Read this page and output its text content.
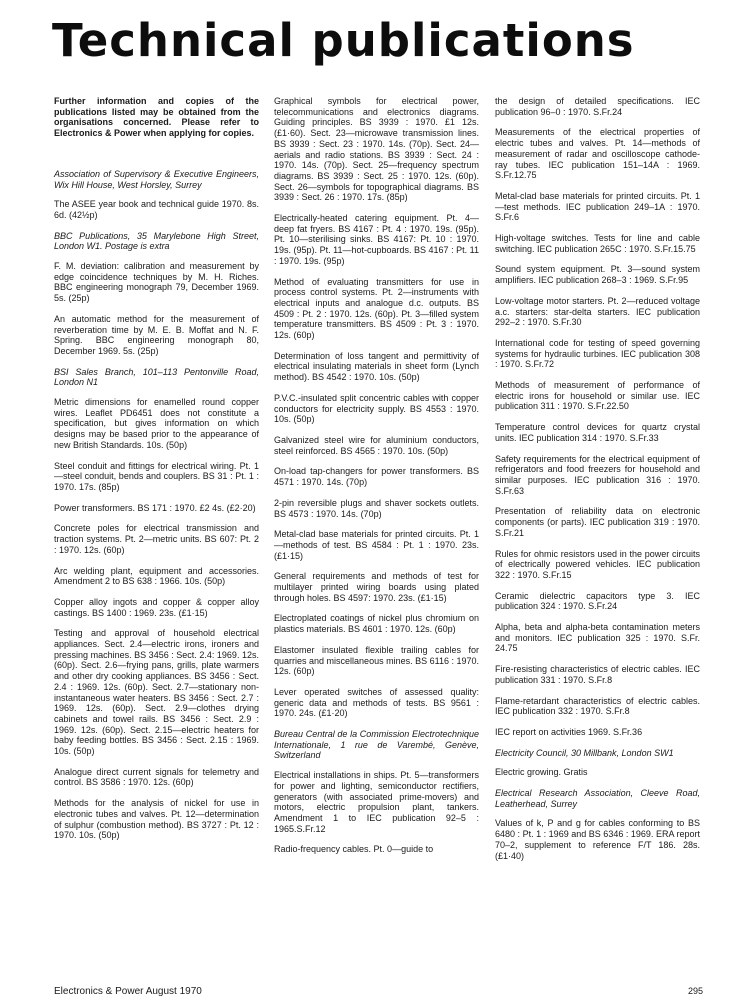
Technical publications

Further information and copies of the publications listed may be obtained from the organisations concerned. Please refer to Electronics & Power when applying for copies.

Association of Supervisory & Executive Engineers, Wix Hill House, West Horsley, Surrey

The ASEE year book and technical guide 1970. 8s. 6d. (42½p)

BBC Publications, 35 Marylebone High Street, London W1. Postage is extra

F. M. deviation: calibration and measurement by edge coincidence techniques by M. H. Riches. BBC engineering monograph 79, December 1969. 5s. (25p)

An automatic method for the measurement of reverberation time by M. E. B. Moffat and N. F. Spring. BBC engineering monograph 80, December 1969. 5s. (25p)

BSI Sales Branch, 101–113 Pentonville Road, London N1

Metric dimensions for enamelled round copper wires. Leaflet PD6451 does not constitute a specification, but gives information on which designs may be based prior to the appearance of new British Standards. 10s. (50p)

Steel conduit and fittings for electrical wiring. Pt. 1—steel conduit, bends and couplers. BS 31 : Pt. 1 : 1970. 17s. (85p)

Power transformers. BS 171 : 1970. £2 4s. (£2·20)

Concrete poles for electrical transmission and traction systems. Pt. 2—metric units. BS 607: Pt. 2 : 1970. 12s. (60p)

Arc welding plant, equipment and accessories. Amendment 2 to BS 638 : 1966. 10s. (50p)

Copper alloy ingots and copper & copper alloy castings. BS 1400 : 1969. 23s. (£1·15)

Testing and approval of household electrical appliances. Sect. 2.4—electric irons, ironers and pressing machines. BS 3456 : Sect. 2.4: 1969. 12s. (60p). Sect. 2.6—frying pans, grills, plate warmers and other dry cooking appliances. BS 3456 : Sect. 2.4 : 1969. 12s. (60p). Sect. 2.7—stationary non-instantaneous water heaters. BS 3456 : Sect. 2.7 : 1969. 12s. (60p). Sect. 2.9—clothes drying cabinets and towel rails. BS 3456 : Sect. 2.9 : 1969. 12s. (60p). Sect. 2.15—electric heaters for baby feeding bottles. BS 3456 : Sect. 2.15 : 1969. 10s. (50p)

Analogue direct current signals for telemetry and control. BS 3586 : 1970. 12s. (60p)

Methods for the analysis of nickel for use in electronic tubes and valves. Pt. 12—determination of sulphur (combustion method). BS 3727 : Pt. 12 : 1970. 10s. (50p)

Graphical symbols for electrical power, telecommunications and electronics diagrams. Guiding principles. BS 3939 : 1970. £1 12s. (£1·60). Sect. 23—microwave transmission lines. BS 3939 : Sect. 23 : 1970. 14s. (70p). Sect. 24—aerials and radio stations. BS 3939 : Sect. 24 : 1970. 14s. (70p). Sect. 25—frequency spectrum diagrams. BS 3939 : Sect. 25 : 1970. 12s. (60p). Sect. 26—symbols for topographical diagrams. BS 3939 : Sect. 26 : 1970. 17s. (85p)

Electrically-heated catering equipment. Pt. 4—deep fat fryers. BS 4167 : Pt. 4 : 1970. 19s. (95p). Pt. 10—sterilising sinks. BS 4167: Pt. 10 : 1970. 19s. (95p). Pt. 11—hot-cupboards. BS 4167 : Pt. 11 : 1970. 19s. (95p)

Method of evaluating transmitters for use in process control systems. Pt. 2—instruments with electrical inputs and analogue d.c. outputs. BS 4509 : Pt. 2 : 1970. 12s. (60p). Pt. 3—filled system temperature transmitters. BS 4509 : Pt. 3 : 1970. 12s. (60p)

Determination of loss tangent and permittivity of electrical insulating materials in sheet form (Lynch method). BS 4542 : 1970. 10s. (50p)

P.V.C.-insulated split concentric cables with copper conductors for electricity supply. BS 4553 : 1970. 10s. (50p)

Galvanized steel wire for aluminium conductors, steel reinforced. BS 4565 : 1970. 10s. (50p)

On-load tap-changers for power transformers. BS 4571 : 1970. 14s. (70p)

2-pin reversible plugs and shaver sockets outlets. BS 4573 : 1970. 14s. (70p)

Metal-clad base materials for printed circuits. Pt. 1—methods of test. BS 4584 : Pt. 1 : 1970. 23s. (£1·15)

General requirements and methods of test for multilayer printed wiring boards using plated through holes. BS 4597: 1970. 23s. (£1·15)

Electroplated coatings of nickel plus chromium on plastics materials. BS 4601 : 1970. 12s. (60p)

Elastomer insulated flexible trailing cables for quarries and miscellaneous mines. BS 6116 : 1970. 12s. (60p)

Lever operated switches of assessed quality: generic data and methods of tests. BS 9561 : 1970. 24s. (£1·20)

Bureau Central de la Commission Electrotechnique Internationale, 1 rue de Varembé, Genève, Switzerland

Electrical installations in ships. Pt. 5—transformers for power and lighting, semiconductor rectifiers, generators (with associated prime-movers) and motors, electric propulsion plant, tankers. Amendment 1 to IEC publication 92–5 : 1965.S.Fr.12

Radio-frequency cables. Pt. 0—guide to

the design of detailed specifications. IEC publication 96–0 : 1970. S.Fr.24

Measurements of the electrical properties of electric tubes and valves. Pt. 14—methods of measurement of radar and oscilloscope cathode-ray tubes. IEC publication 151–14A : 1969. S.Fr.12.75

Metal-clad base materials for printed circuits. Pt. 1—test methods. IEC publication 249–1A : 1970. S.Fr.6

High-voltage switches. Tests for line and cable switching. IEC publication 265C : 1970. S.Fr.15.75

Sound system equipment. Pt. 3—sound system amplifiers. IEC publication 268–3 : 1969. S.Fr.95

Low-voltage motor starters. Pt. 2—reduced voltage a.c. starters: star-delta starters. IEC publication 292–2 : 1970. S.Fr.30

International code for testing of speed governing systems for hydraulic turbines. IEC publication 308 : 1970. S.Fr.72

Methods of measurement of performance of electric irons for household or similar use. IEC publication 311 : 1970. S.Fr.22.50

Temperature control devices for quartz crystal units. IEC publication 314 : 1970. S.Fr.33

Safety requirements for the electrical equipment of refrigerators and food freezers for household and similar purposes. IEC publication 316 : 1970. S.Fr.63

Presentation of reliability data on electronic components (or parts). IEC publication 319 : 1970. S.Fr.21

Rules for ohmic resistors used in the power circuits of electrically powered vehicles. IEC publication 322 : 1970. S.Fr.15

Ceramic dielectric capacitors type 3. IEC publication 324 : 1970. S.Fr.24

Alpha, beta and alpha-beta contamination meters and monitors. IEC publication 325 : 1970. S.Fr. 24.75

Fire-resisting characteristics of electric cables. IEC publication 331 : 1970. S.Fr.8

Flame-retardant characteristics of electric cables. IEC publication 332 : 1970. S.Fr.8

IEC report on activities 1969. S.Fr.36

Electricity Council, 30 Millbank, London SW1

Electric growing. Gratis

Electrical Research Association, Cleeve Road, Leatherhead, Surrey

Values of k, P and g for cables conforming to BS 6480 : Pt. 1 : 1969 and BS 6346 : 1969. ERA report 70–2, supplement to reference F/T 186. 28s. (£1·40)

Electronics & Power August 1970	295
